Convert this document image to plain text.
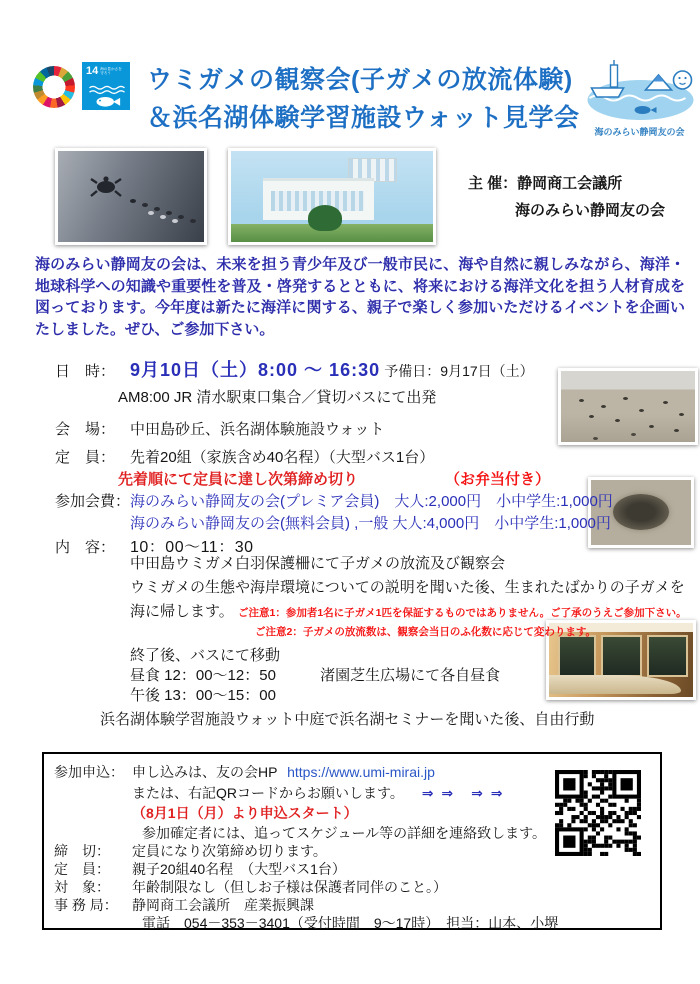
14 海の豊かさを守ろう	ウミガメの観察会(子ガメの放流体験)
＆浜名湖体験学習施設ウォット見学会	海のみらい静岡友の会
主 催：静岡商工会議所
海のみらい静岡友の会
海のみらい静岡友の会は、未来を担う青少年及び一般市民に、海や自然に親しみながら、海洋・地球科学への知識や重要性を普及・啓発するとともに、将来における海洋文化を担う人材育成を図っております。今年度は新たに海洋に関する、親子で楽しく参加いただけるイベントを企画いたしました。ぜひ、ご参加下さい。
日　時： 9月10日（土）8:00 ～ 16:30 予備日：9月17日（土）
AM8:00 JR 清水駅東口集合／貸切バスにて出発
会　場： 中田島砂丘、浜名湖体験施設ウォット
定　員： 先着20組（家族含め40名程）（大型バス1台）
先着順にて定員に達し次第締め切り	（お弁当付き）
参加会費：海のみらい静岡友の会(プレミア会員)　大人:2,000円　小中学生:1,000円
海のみらい静岡友の会(無料会員) ,一般 大人:4,000円　小中学生:1,000円
内　容： 10：00～11：30
中田島ウミガメ白羽保護柵にて子ガメの放流及び観察会
ウミガメの生態や海岸環境についての説明を聞いた後、生まれたばかりの子ガメを
海に帰します。 ご注意1：参加者1名に子ガメ1匹を保証するものではありません。ご了承のうえご参加下さい。
ご注意2：子ガメの放流数は、観察会当日のふ化数に応じて変わります。
終了後、バスにて移動
昼食 12：00～12：50	渚園芝生広場にて各自昼食
午後 13：00～15：00
浜名湖体験学習施設ウォット中庭で浜名湖セミナーを聞いた後、自由行動
参加申込： 申し込みは、友の会HP https://www.umi-mirai.jp
または、右記QRコードからお願いします。 ⇒ ⇒　⇒ ⇒
（8月1日（月）より申込スタート）
参加確定者には、追ってスケジュール等の詳細を連絡致します。
締　切： 定員になり次第締め切ります。
定　員： 親子20組40名程　（大型バス1台）
対　象： 年齢制限なし（但しお子様は保護者同伴のこと。）
事 務 局： 静岡商工会議所　産業振興課
電話　054－353－3401（受付時間　9～17時）　担当：山本、小堺
